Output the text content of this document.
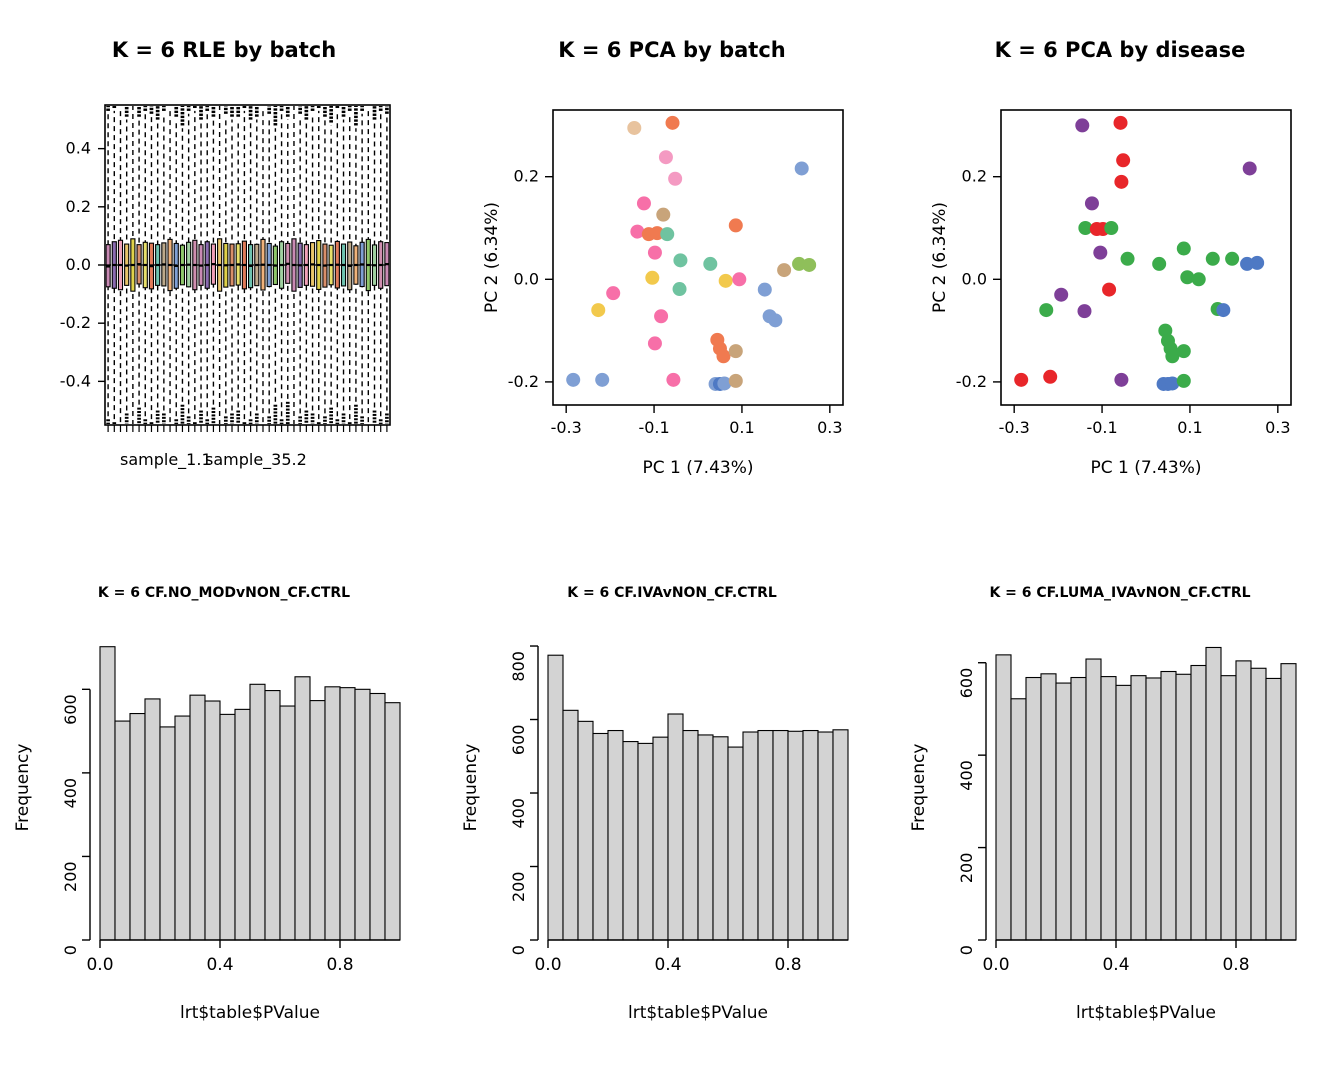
K = 6 RLE by batch
-0.4
-0.2
0.0
0.2
0.4
sample_1.1
sample_35.2
K = 6 PCA by batch
-0.3	-0.1	0.1	0.3
-0.2
0.0
0.2
PC 1 (7.43%)
PC 2 (6.34%)
K = 6 PCA by disease
-0.3	-0.1	0.1	0.3
-0.2
0.0
0.2
PC 1 (7.43%)
PC 2 (6.34%)
K = 6 CF.NO_MODvNON_CF.CTRL
0.0	0.4	0.8
0
200
400
600
lrt$table$PValue
Frequency
K = 6 CF.IVAvNON_CF.CTRL
0.0	0.4	0.8
0
200
400
600
800
lrt$table$PValue
Frequency
K = 6 CF.LUMA_IVAvNON_CF.CTRL
0.0	0.4	0.8
0
200
400
600
lrt$table$PValue
Frequency
